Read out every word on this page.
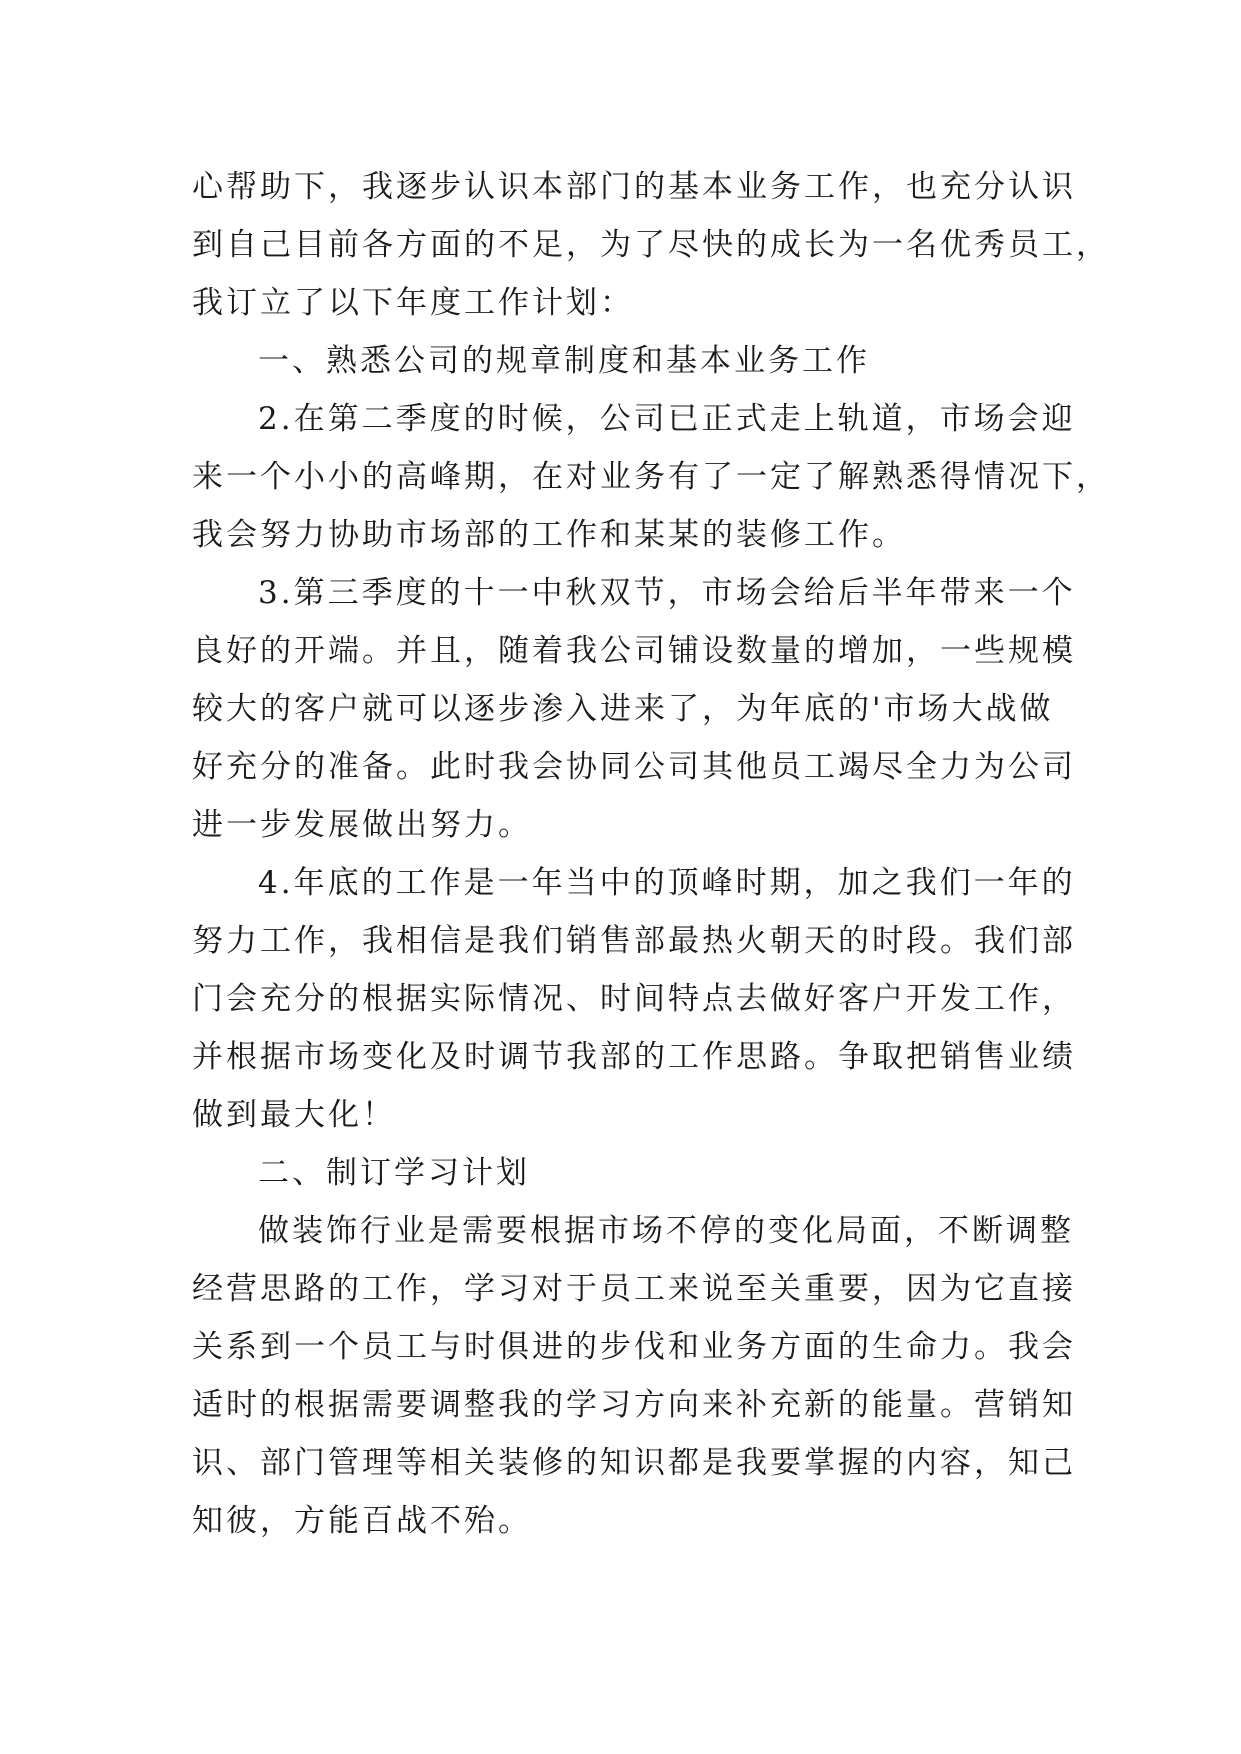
心帮助下，我逐步认识本部门的基本业务工作，也充分认识
到自己目前各方面的不足，为了尽快的成长为一名优秀员工，
我订立了以下年度工作计划：
一、熟悉公司的规章制度和基本业务工作
2.在第二季度的时候，公司已正式走上轨道，市场会迎
来一个小小的高峰期，在对业务有了一定了解熟悉得情况下，
我会努力协助市场部的工作和某某的装修工作。
3.第三季度的十一中秋双节，市场会给后半年带来一个
良好的开端。并且，随着我公司铺设数量的增加，一些规模
较大的客户就可以逐步渗入进来了，为年底的'市场大战做
好充分的准备。此时我会协同公司其他员工竭尽全力为公司
进一步发展做出努力。
4.年底的工作是一年当中的顶峰时期，加之我们一年的
努力工作，我相信是我们销售部最热火朝天的时段。我们部
门会充分的根据实际情况、时间特点去做好客户开发工作，
并根据市场变化及时调节我部的工作思路。争取把销售业绩
做到最大化！
二、制订学习计划
做装饰行业是需要根据市场不停的变化局面，不断调整
经营思路的工作，学习对于员工来说至关重要，因为它直接
关系到一个员工与时俱进的步伐和业务方面的生命力。我会
适时的根据需要调整我的学习方向来补充新的能量。营销知
识、部门管理等相关装修的知识都是我要掌握的内容，知己
知彼，方能百战不殆。
